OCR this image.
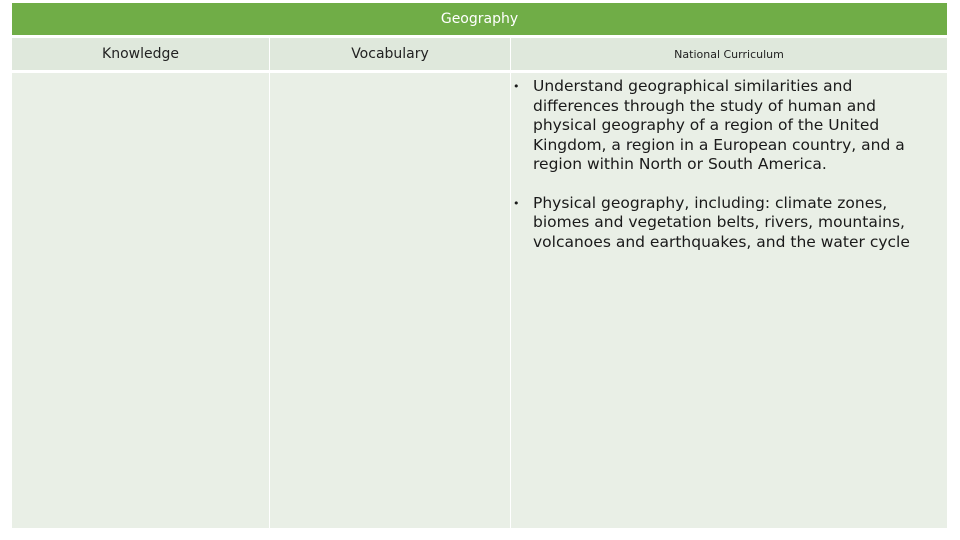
Geography
Knowledge	Vocabulary	National Curriculum
• Understand geographical similarities and differences through the study of human and physical geography of a region of the United Kingdom, a region in a European country, and a region within North or South America.
• Physical geography, including: climate zones, biomes and vegetation belts, rivers, mountains, volcanoes and earthquakes, and the water cycle
